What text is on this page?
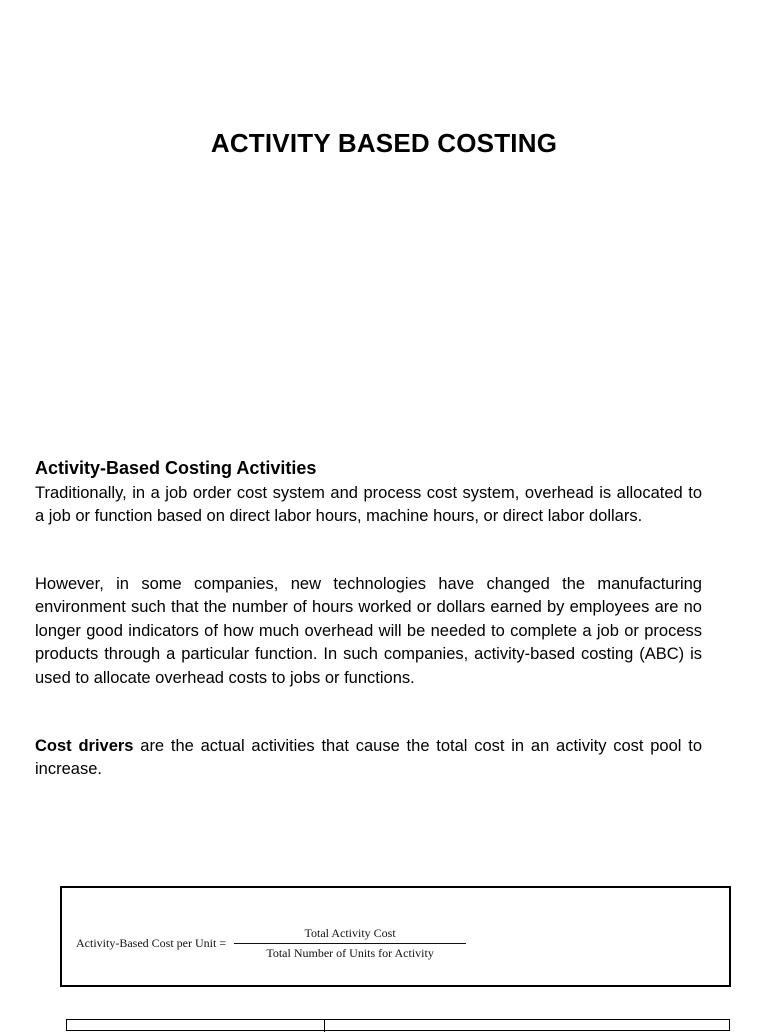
ACTIVITY BASED COSTING
Activity-Based Costing Activities
Traditionally, in a job order cost system and process cost system, overhead is allocated to a job or function based on direct labor hours, machine hours, or direct labor dollars.
However, in some companies, new technologies have changed the manufacturing environment such that the number of hours worked or dollars earned by employees are no longer good indicators of how much overhead will be needed to complete a job or process products through a particular function. In such companies, activity-based costing (ABC) is used to allocate overhead costs to jobs or functions.
Cost drivers are the actual activities that cause the total cost in an activity cost pool to increase.
Activity-Based Cost per Unit = $\frac{\text{Total Activity Cost}}{\text{Total Number of Units for Activity}}$
